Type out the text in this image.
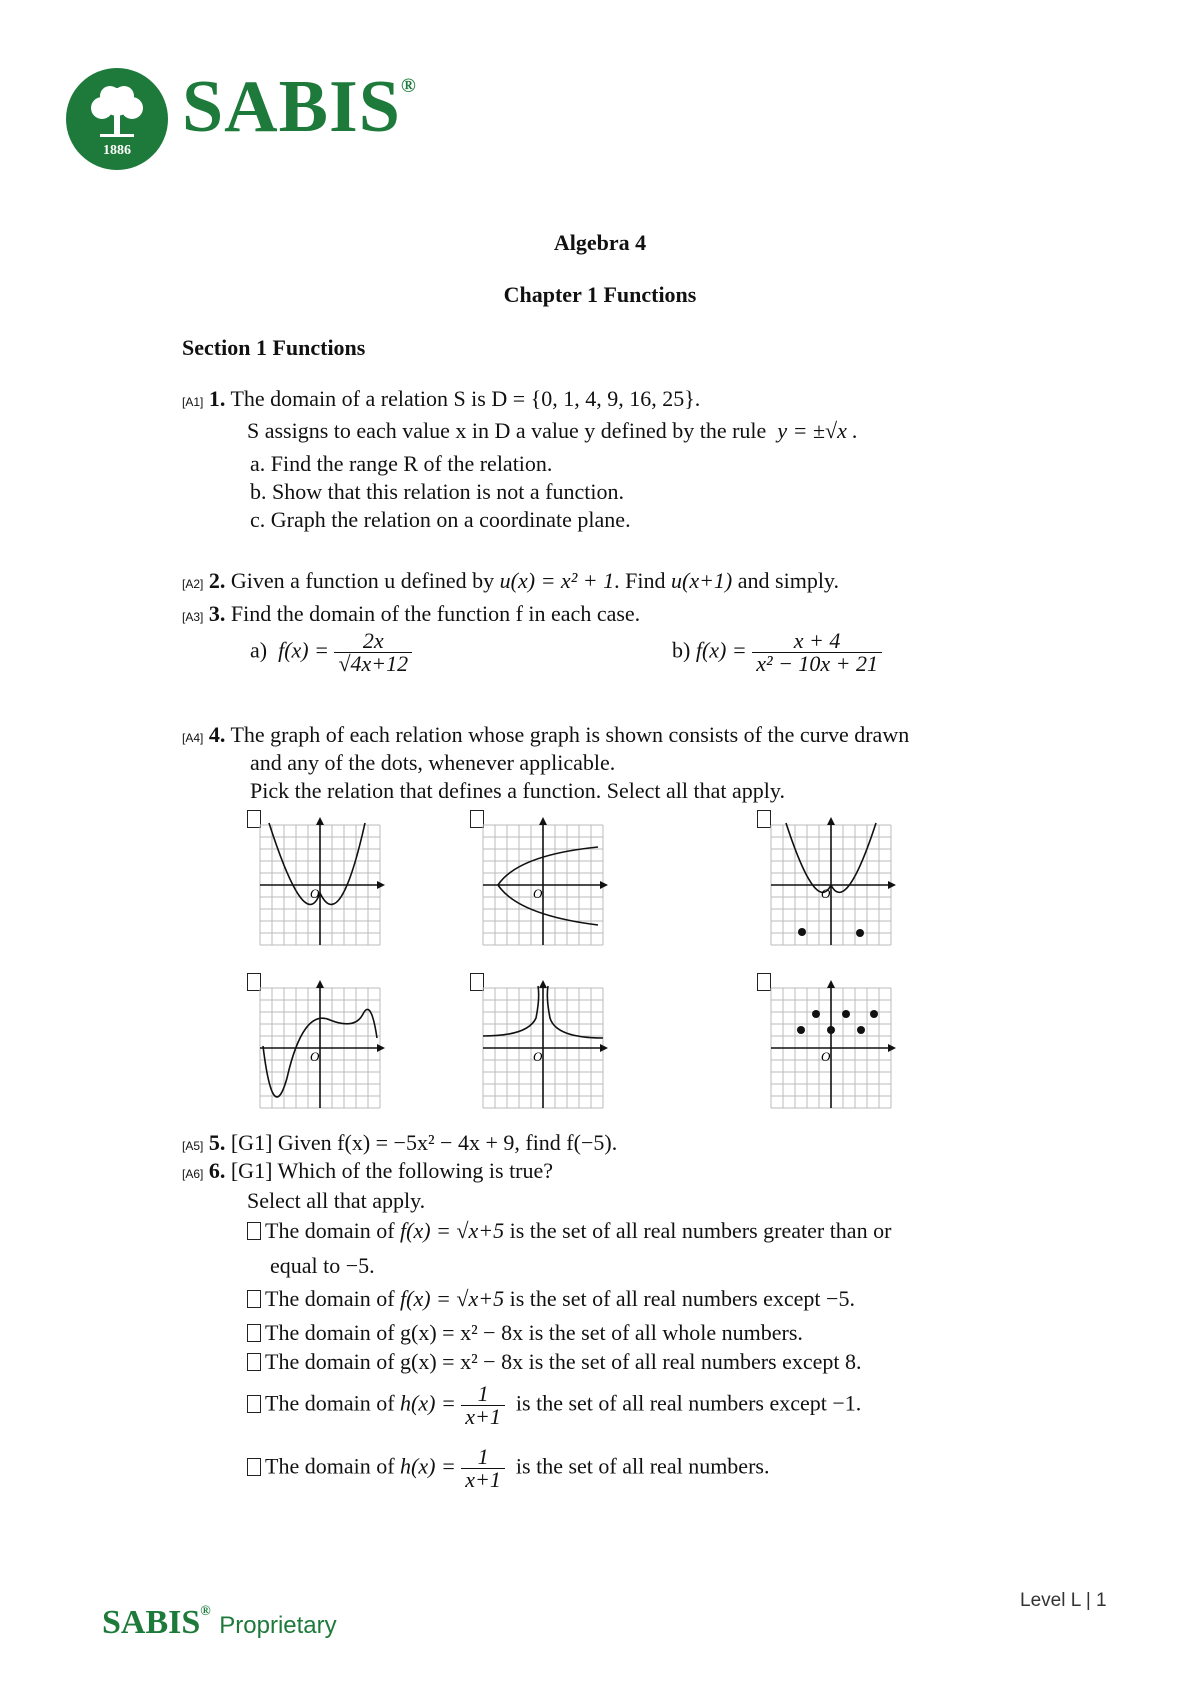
1886
SABIS®
Algebra 4
Chapter 1 Functions
Section 1 Functions
[A1] 1. The domain of a relation S is D = {0, 1, 4, 9, 16, 25}.
S assigns to each value x in D a value y defined by the rule y = ±√x .
a. Find the range R of the relation.
b. Show that this relation is not a function.
c. Graph the relation on a coordinate plane.
[A2] 2. Given a function u defined by u(x) = x² + 1. Find u(x+1) and simply.
[A3] 3. Find the domain of the function f in each case.
a) $f(x) = \frac{2x}{√4x+12}$	b) $f(x) = \frac{x + 4}{\text{x² − 10x + 21}}$
[A4] 4. The graph of each relation whose graph is shown consists of the curve drawn
and any of the dots, whenever applicable.
Pick the relation that defines a function. Select all that apply.
O	O	O
O	O	O
[A5] 5. [G1] Given f(x) = −5x² − 4x + 9, find f(−5).
[A6] 6. [G1] Which of the following is true?
Select all that apply.
The domain of f(x) = √x+5 is the set of all real numbers greater than or
equal to −5.
The domain of f(x) = √x+5 is the set of all real numbers except −5.
The domain of g(x) = x² − 8x is the set of all whole numbers.
The domain of g(x) = x² − 8x is the set of all real numbers except 8.
The domain of $h(x) = \frac{1}{x+1}$ is the set of all real numbers except −1.
The domain of $h(x) = \frac{1}{x+1}$ is the set of all real numbers.
SABIS® Proprietary
Level L | 1
